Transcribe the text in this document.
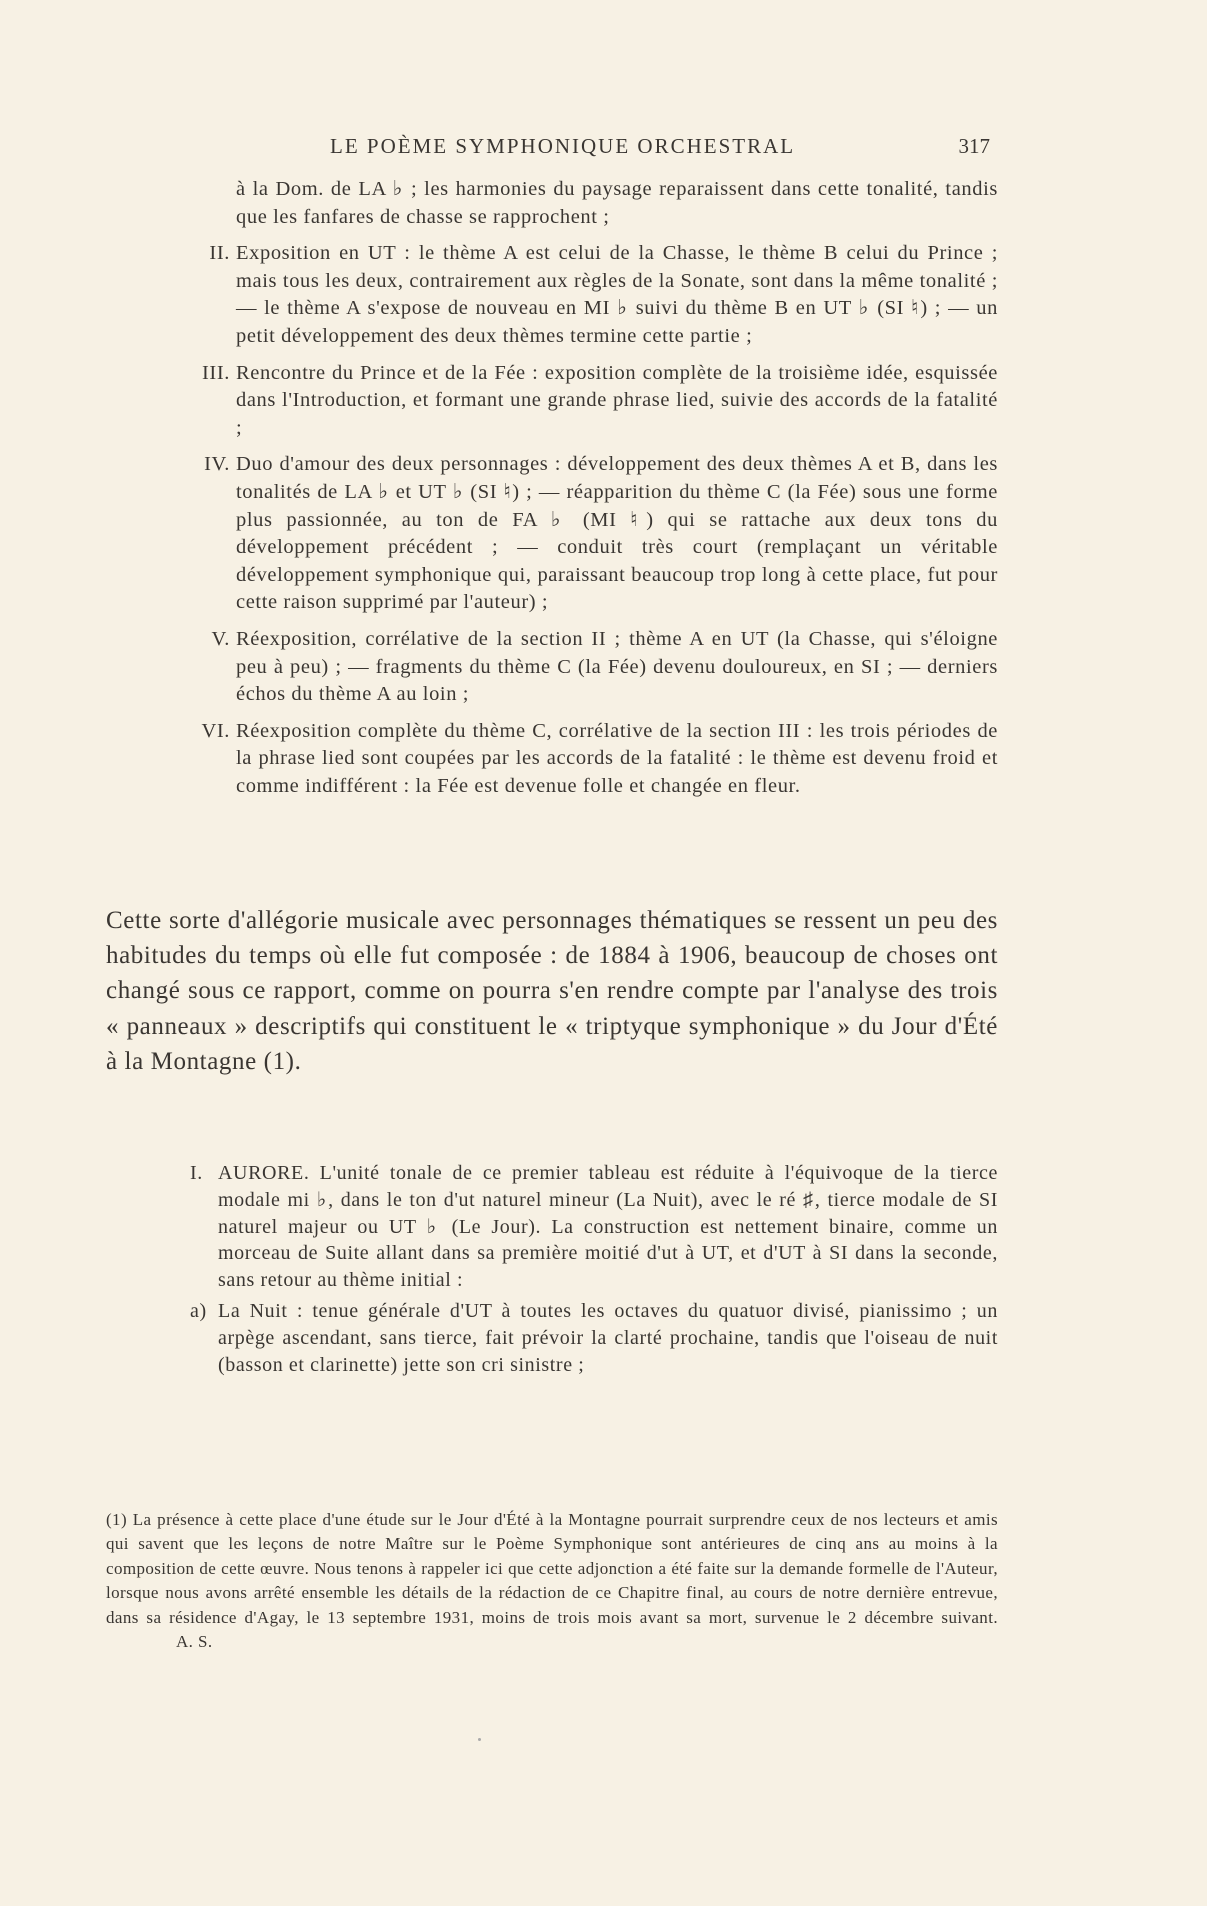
LE POÈME SYMPHONIQUE ORCHESTRAL	317
à la Dom. de LA ♭ ; les harmonies du paysage reparaissent dans cette tonalité, tandis que les fanfares de chasse se rapprochent ;
II. Exposition en UT : le thème A est celui de la Chasse, le thème B celui du Prince ; mais tous les deux, contrairement aux règles de la Sonate, sont dans la même tonalité ; — le thème A s'expose de nouveau en MI ♭ suivi du thème B en UT ♭ (SI ♮) ; — un petit développement des deux thèmes termine cette partie ;
III. Rencontre du Prince et de la Fée : exposition complète de la troisième idée, esquissée dans l'Introduction, et formant une grande phrase lied, suivie des accords de la fatalité ;
IV. Duo d'amour des deux personnages : développement des deux thèmes A et B, dans les tonalités de LA ♭ et UT ♭ (SI ♮) ; — réapparition du thème C (la Fée) sous une forme plus passionnée, au ton de FA ♭ (MI ♮) qui se rattache aux deux tons du développement précédent ; — conduit très court (remplaçant un véritable développement symphonique qui, paraissant beaucoup trop long à cette place, fut pour cette raison supprimé par l'auteur) ;
V. Réexposition, corrélative de la section II ; thème A en UT (la Chasse, qui s'éloigne peu à peu) ; — fragments du thème C (la Fée) devenu douloureux, en SI ; — derniers échos du thème A au loin ;
VI. Réexposition complète du thème C, corrélative de la section III : les trois périodes de la phrase lied sont coupées par les accords de la fatalité : le thème est devenu froid et comme indifférent : la Fée est devenue folle et changée en fleur.
Cette sorte d'allégorie musicale avec personnages thématiques se ressent un peu des habitudes du temps où elle fut composée : de 1884 à 1906, beaucoup de choses ont changé sous ce rapport, comme on pourra s'en rendre compte par l'analyse des trois « panneaux » descriptifs qui constituent le « triptyque symphonique » du Jour d'Été à la Montagne (1).
I. AURORE. L'unité tonale de ce premier tableau est réduite à l'équivoque de la tierce modale mi ♭, dans le ton d'ut naturel mineur (La Nuit), avec le ré ♯, tierce modale de SI naturel majeur ou UT ♭ (Le Jour). La construction est nettement binaire, comme un morceau de Suite allant dans sa première moitié d'ut à UT, et d'UT à SI dans la seconde, sans retour au thème initial :
a) La Nuit : tenue générale d'UT à toutes les octaves du quatuor divisé, pianissimo ; un arpège ascendant, sans tierce, fait prévoir la clarté prochaine, tandis que l'oiseau de nuit (basson et clarinette) jette son cri sinistre ;
(1) La présence à cette place d'une étude sur le Jour d'Été à la Montagne pourrait surprendre ceux de nos lecteurs et amis qui savent que les leçons de notre Maître sur le Poème Symphonique sont antérieures de cinq ans au moins à la composition de cette œuvre. Nous tenons à rappeler ici que cette adjonction a été faite sur la demande formelle de l'Auteur, lorsque nous avons arrêté ensemble les détails de la rédaction de ce Chapitre final, au cours de notre dernière entrevue, dans sa résidence d'Agay, le 13 septembre 1931, moins de trois mois avant sa mort, survenue le 2 décembre suivant. A. S.
